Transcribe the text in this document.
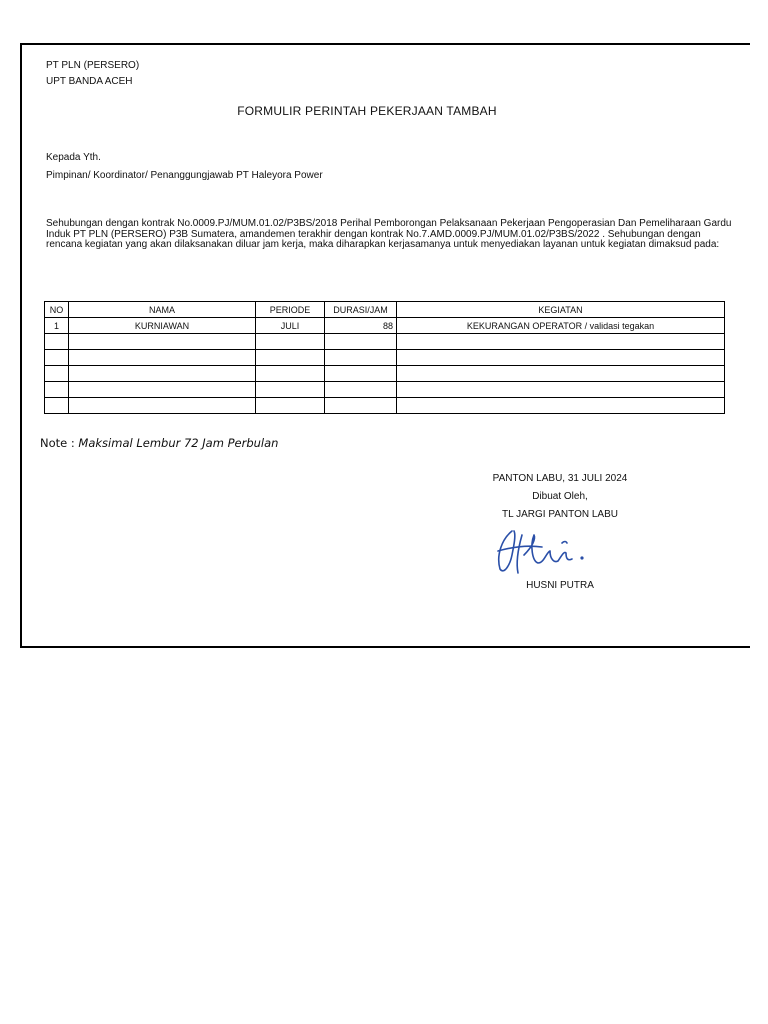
PT PLN (PERSERO)
UPT BANDA ACEH
FORMULIR PERINTAH PEKERJAAN TAMBAH
Kepada Yth.
Pimpinan/ Koordinator/ Penanggungjawab PT Haleyora Power
Sehubungan dengan kontrak No.0009.PJ/MUM.01.02/P3BS/2018 Perihal Pemborongan Pelaksanaan Pekerjaan Pengoperasian Dan Pemeliharaan Gardu Induk PT PLN (PERSERO) P3B Sumatera, amandemen terakhir dengan kontrak No.7.AMD.0009.PJ/MUM.01.02/P3BS/2022 . Sehubungan dengan rencana kegiatan yang akan dilaksanakan diluar jam kerja, maka diharapkan kerjasamanya untuk menyediakan layanan untuk kegiatan dimaksud pada:
NO	NAMA	PERIODE	DURASI/JAM	KEGIATAN
1	KURNIAWAN	JULI	88	KEKURANGAN OPERATOR / validasi tegakan

Note : Maksimal Lembur 72 Jam Perbulan
PANTON LABU, 31 JULI 2024
Dibuat Oleh,
TL JARGI PANTON LABU
HUSNI PUTRA
